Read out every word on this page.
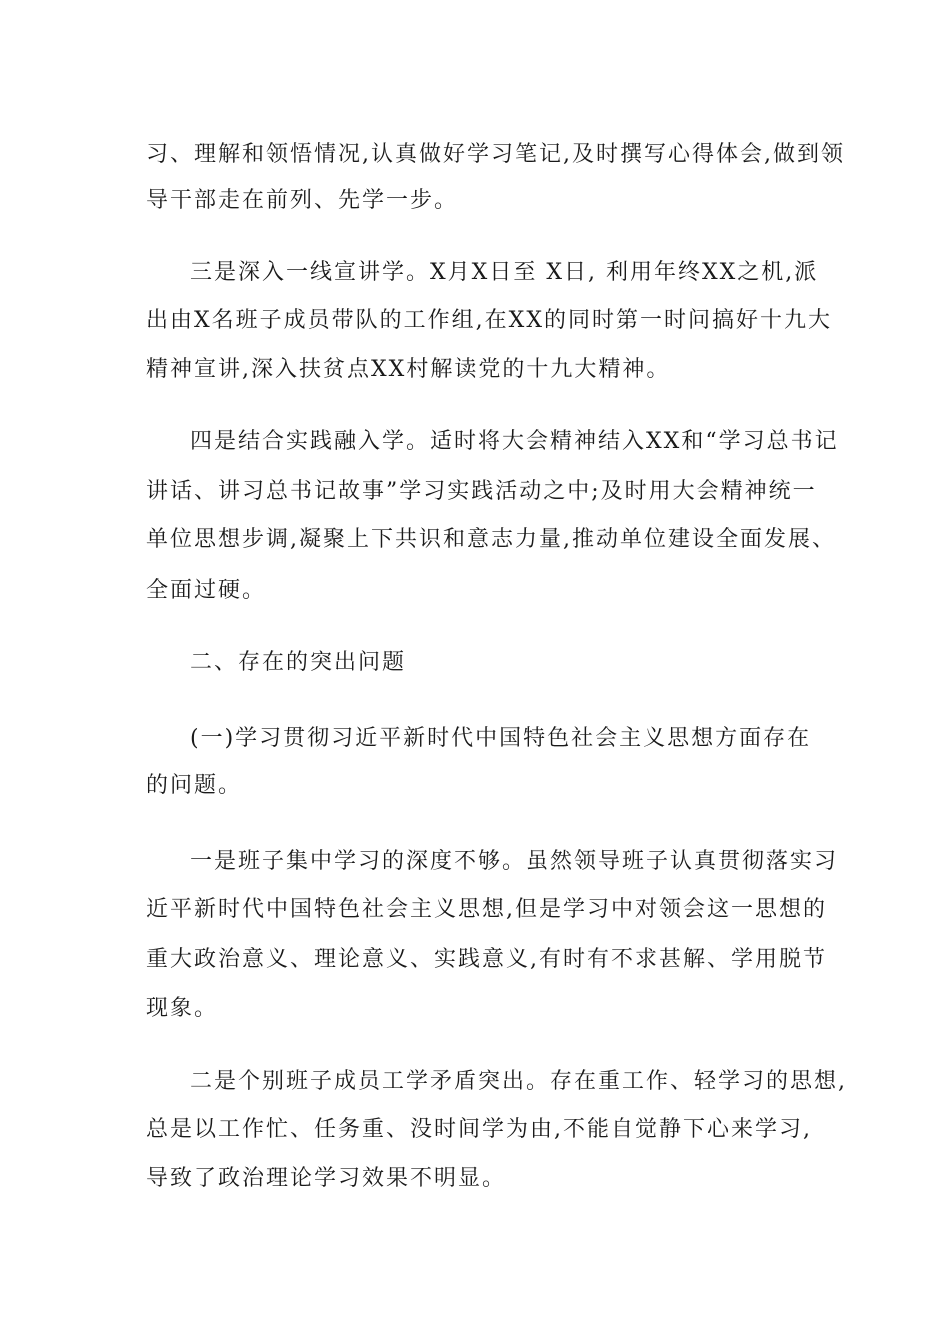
习、理解和领悟情况,认真做好学习笔记,及时撰写心得体会,做到领
导干部走在前列、先学一步。
三是深入一线宣讲学。X月X日至 X日, 利用年终XX之机,派
出由X名班子成员带队的工作组,在XX的同时第一时问搞好十九大
精神宣讲,深入扶贫点XX村解读党的十九大精神。
四是结合实践融入学。适时将大会精神结入XX和“学习总书记
讲话、讲习总书记故事”学习实践活动之中;及时用大会精神统一
单位思想步调,凝聚上下共识和意志力量,推动单位建设全面发展、
全面过硬。
二、存在的突出问题
(一)学习贯彻习近平新时代中国特色社会主义思想方面存在
的问题。
一是班子集中学习的深度不够。虽然领导班子认真贯彻落实习
近平新时代中国特色社会主义思想,但是学习中对领会这一思想的
重大政治意义、理论意义、实践意义,有时有不求甚解、学用脱节
现象。
二是个别班子成员工学矛盾突出。存在重工作、轻学习的思想,
总是以工作忙、任务重、没时间学为由,不能自觉静下心来学习,
导致了政治理论学习效果不明显。
